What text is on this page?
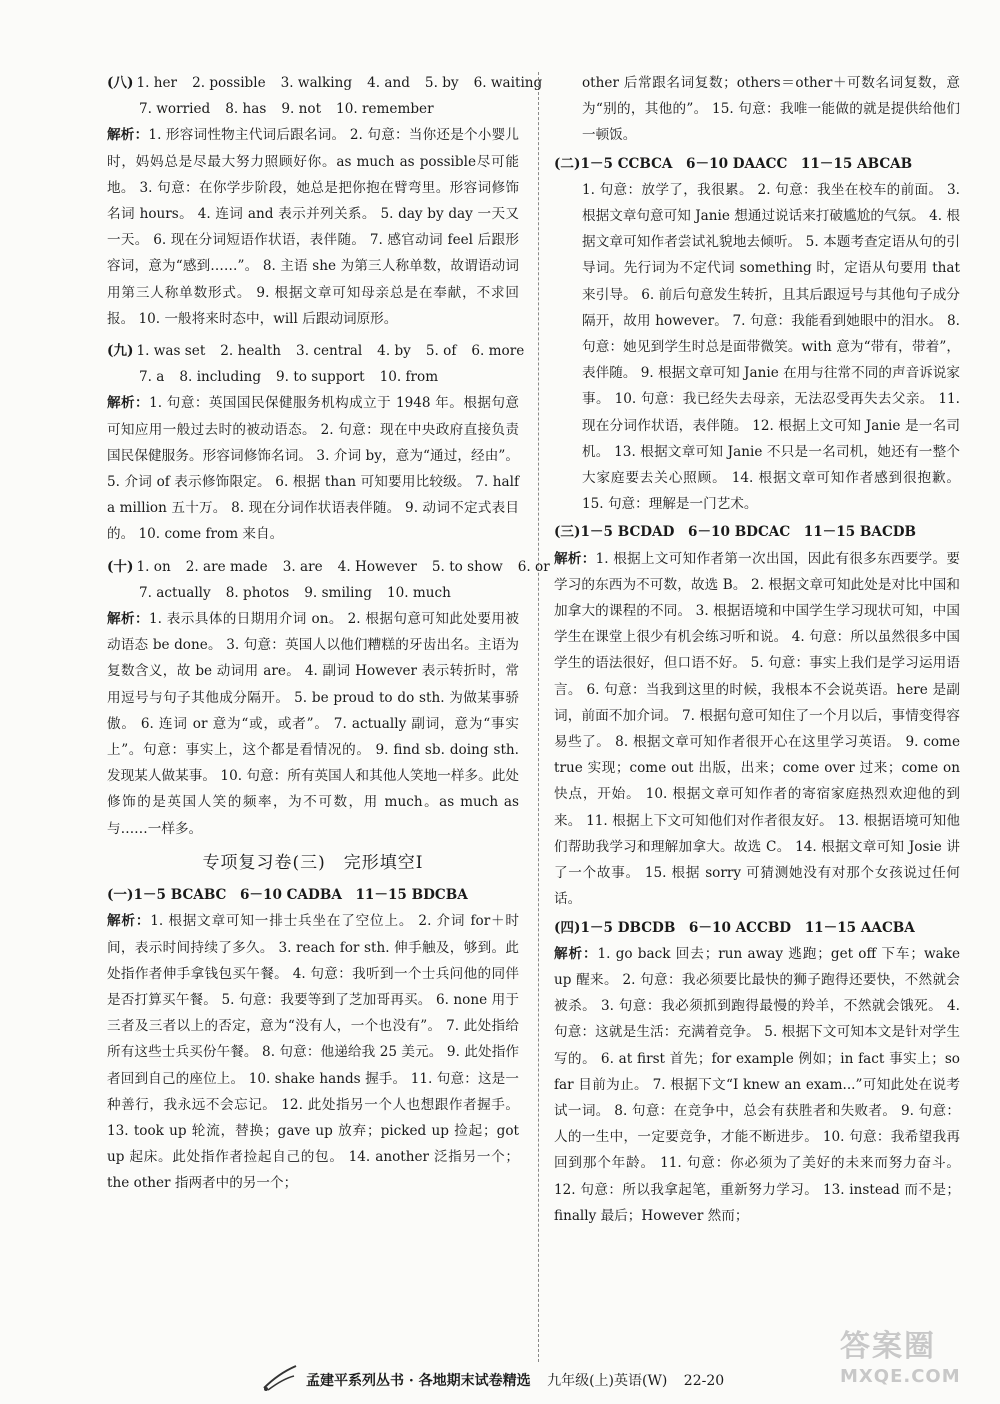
(八) 1. her 2. possible 3. walking 4. and 5. by 6. waiting
7. worried 8. has 9. not 10. remember
解析：1. 形容词性物主代词后跟名词。 2. 句意：当你还是个小婴儿时，妈妈总是尽最大努力照顾好你。as much as possible尽可能地。 3. 句意：在你学步阶段，她总是把你抱在臂弯里。形容词修饰名词 hours。 4. 连词 and 表示并列关系。 5. day by day 一天又一天。 6. 现在分词短语作状语，表伴随。 7. 感官动词 feel 后跟形容词，意为“感到……”。 8. 主语 she 为第三人称单数，故谓语动词用第三人称单数形式。 9. 根据文章可知母亲总是在奉献，不求回报。 10. 一般将来时态中，will 后跟动词原形。
(九) 1. was set 2. health 3. central 4. by 5. of 6. more
7. a 8. including 9. to support 10. from
解析：1. 句意：英国国民保健服务机构成立于 1948 年。根据句意可知应用一般过去时的被动语态。 2. 句意：现在中央政府直接负责国民保健服务。形容词修饰名词。 3. 介词 by，意为“通过，经由”。 5. 介词 of 表示修饰限定。 6. 根据 than 可知要用比较级。 7. half a million 五十万。 8. 现在分词作状语表伴随。 9. 动词不定式表目的。 10. come from 来自。
(十) 1. on 2. are made 3. are 4. However 5. to show 6. or
7. actually 8. photos 9. smiling 10. much
解析：1. 表示具体的日期用介词 on。 2. 根据句意可知此处要用被动语态 be done。 3. 句意：英国人以他们糟糕的牙齿出名。主语为复数含义，故 be 动词用 are。 4. 副词 However 表示转折时，常用逗号与句子其他成分隔开。 5. be proud to do sth. 为做某事骄傲。 6. 连词 or 意为“或，或者”。 7. actually 副词，意为“事实上”。句意：事实上，这个都是看情况的。 9. find sb. doing sth. 发现某人做某事。 10. 句意：所有英国人和其他人笑地一样多。此处修饰的是英国人笑的频率，为不可数，用 much。as much as 与……一样多。
专项复习卷(三)　完形填空Ⅰ
(一)1－5 BCABC　6－10 CADBA　11－15 BDCBA
解析：1. 根据文章可知一排士兵坐在了空位上。 2. 介词 for＋时间，表示时间持续了多久。 3. reach for sth. 伸手触及，够到。此处指作者伸手拿钱包买午餐。 4. 句意：我听到一个士兵问他的同伴是否打算买午餐。 5. 句意：我要等到了芝加哥再买。 6. none 用于三者及三者以上的否定，意为“没有人，一个也没有”。 7. 此处指给所有这些士兵买份午餐。 8. 句意：他递给我 25 美元。 9. 此处指作者回到自己的座位上。 10. shake hands 握手。 11. 句意：这是一种善行，我永远不会忘记。 12. 此处指另一个人也想跟作者握手。 13. took up 轮流，替换；gave up 放弃；picked up 捡起；got up 起床。此处指作者捡起自己的包。 14. another 泛指另一个；the other 指两者中的另一个；
other 后常跟名词复数；others＝other＋可数名词复数，意为“别的，其他的”。 15. 句意：我唯一能做的就是提供给他们一顿饭。
(二)1－5 CCBCA　6－10 DAACC　11－15 ABCAB
1. 句意：放学了，我很累。 2. 句意：我坐在校车的前面。 3. 根据文章句意可知 Janie 想通过说话来打破尴尬的气氛。 4. 根据文章可知作者尝试礼貌地去倾听。 5. 本题考查定语从句的引导词。先行词为不定代词 something 时，定语从句要用 that 来引导。 6. 前后句意发生转折，且其后跟逗号与其他句子成分隔开，故用 however。 7. 句意：我能看到她眼中的泪水。 8. 句意：她见到学生时总是面带微笑。with 意为“带有，带着”，表伴随。 9. 根据文章可知 Janie 在用与往常不同的声音诉说家事。 10. 句意：我已经失去母亲，无法忍受再失去父亲。 11. 现在分词作状语，表伴随。 12. 根据上文可知 Janie 是一名司机。 13. 根据文章可知 Janie 不只是一名司机，她还有一整个大家庭要去关心照顾。 14. 根据文章可知作者感到很抱歉。 15. 句意：理解是一门艺术。
(三)1－5 BCDAD　6－10 BDCAC　11－15 BACDB
解析：1. 根据上文可知作者第一次出国，因此有很多东西要学。要学习的东西为不可数，故选 B。 2. 根据文章可知此处是对比中国和加拿大的课程的不同。 3. 根据语境和中国学生学习现状可知，中国学生在课堂上很少有机会练习听和说。 4. 句意：所以虽然很多中国学生的语法很好，但口语不好。 5. 句意：事实上我们是学习运用语言。 6. 句意：当我到这里的时候，我根本不会说英语。here 是副词，前面不加介词。 7. 根据句意可知住了一个月以后，事情变得容易些了。 8. 根据文章可知作者很开心在这里学习英语。 9. come true 实现；come out 出版，出来；come over 过来；come on 快点，开始。 10. 根据文章可知作者的寄宿家庭热烈欢迎他的到来。 11. 根据上下文可知他们对作者很友好。 13. 根据语境可知他们帮助我学习和理解加拿大。故选 C。 14. 根据文章可知 Josie 讲了一个故事。 15. 根据 sorry 可猜测她没有对那个女孩说过任何话。
(四)1－5 DBCDB　6－10 ACCBD　11－15 AACBA
解析：1. go back 回去；run away 逃跑；get off 下车；wake up 醒来。 2. 句意：我必须要比最快的狮子跑得还要快，不然就会被杀。 3. 句意：我必须抓到跑得最慢的羚羊，不然就会饿死。 4. 句意：这就是生活：充满着竞争。 5. 根据下文可知本文是针对学生写的。 6. at first 首先；for example 例如；in fact 事实上；so far 目前为止。 7. 根据下文“I knew an exam...”可知此处在说考试一词。 8. 句意：在竞争中，总会有获胜者和失败者。 9. 句意：人的一生中，一定要竞争，才能不断进步。 10. 句意：我希望我再回到那个年龄。 11. 句意：你必须为了美好的未来而努力奋斗。 12. 句意：所以我拿起笔，重新努力学习。 13. instead 而不是；finally 最后；However 然而；
孟建平系列丛书 · 各地期末试卷精选 九年级(上)英语(W) 22-20
答案圈
MXQE.COM
